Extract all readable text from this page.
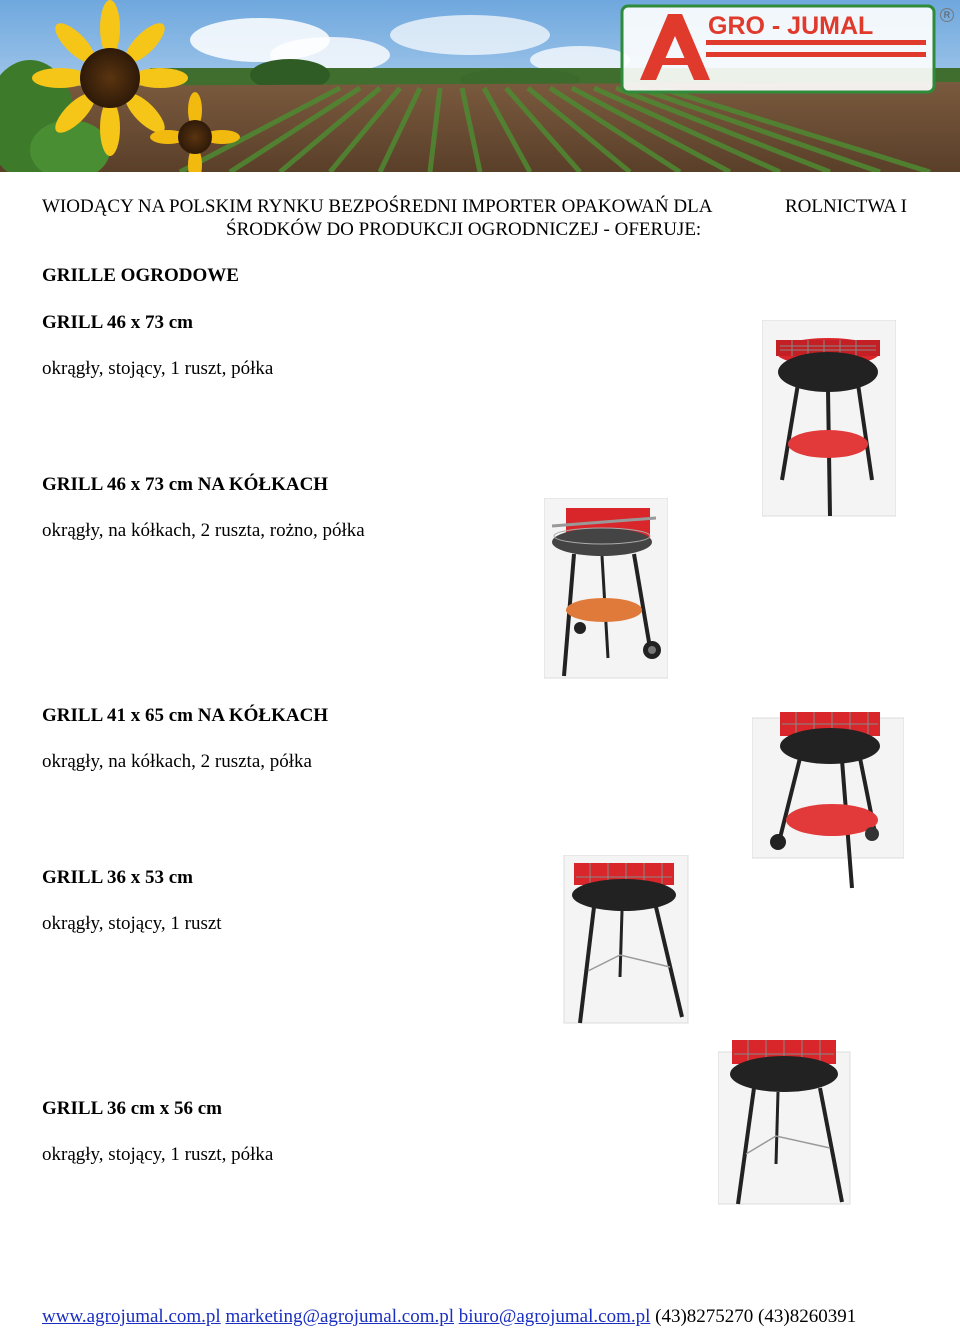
GRO - JUMAL	R
WIODĄCY NA POLSKIM RYNKU BEZPOŚREDNI IMPORTER OPAKOWAŃ DLA	ROLNICTWA I
ŚRODKÓW DO PRODUKCJI OGRODNICZEJ - OFERUJE:
GRILLE OGRODOWE
GRILL 46 x 73 cm
okrągły, stojący, 1 ruszt, półka
GRILL 46 x 73 cm NA KÓŁKACH
okrągły, na kółkach, 2 ruszta, rożno, półka
GRILL 41 x 65 cm NA KÓŁKACH
okrągły, na kółkach, 2 ruszta, półka
GRILL 36 x 53 cm
okrągły, stojący, 1 ruszt
GRILL 36 cm x 56 cm
okrągły, stojący, 1 ruszt, półka
www.agrojumal.com.pl marketing@agrojumal.com.pl biuro@agrojumal.com.pl (43)8275270 (43)8260391
